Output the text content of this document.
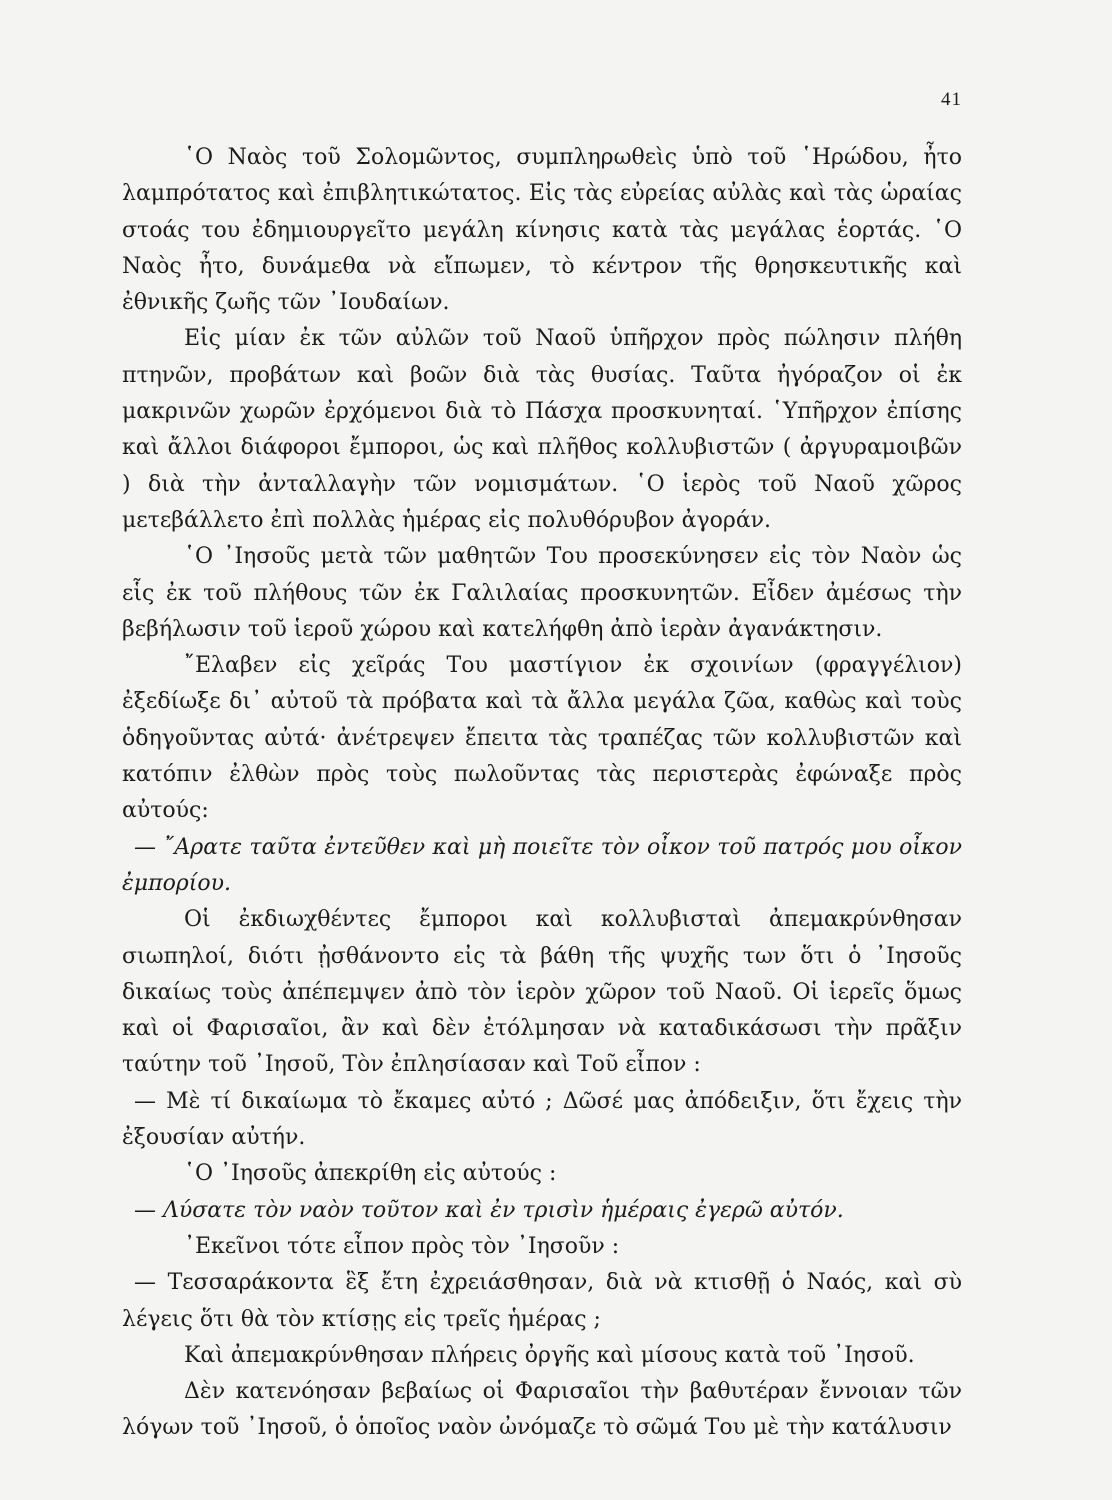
41

῾Ο Ναὸς τοῦ Σολομῶντος, συμπληρωθεὶς ὑπὸ τοῦ ῾Ηρώδου, ἦτο λαμπρότατος καὶ ἐπιβλητικώτατος. Εἰς τὰς εὐρείας αὐλὰς καὶ τὰς ὡραίας στοάς του ἐδημιουργεῖτο μεγάλη κίνησις κατὰ τὰς μεγάλας ἑορτάς. ῾Ο Ναὸς ἦτο, δυνάμεθα νὰ εἴπωμεν, τὸ κέντρον τῆς θρησκευτικῆς καὶ ἐθνικῆς ζωῆς τῶν ᾽Ιουδαίων.

Εἰς μίαν ἐκ τῶν αὐλῶν τοῦ Ναοῦ ὑπῆρχον πρὸς πώλησιν πλήθη πτηνῶν, προβάτων καὶ βοῶν διὰ τὰς θυσίας. Ταῦτα ἠγόραζον οἱ ἐκ μακρινῶν χωρῶν ἐρχόμενοι διὰ τὸ Πάσχα προσκυνηταί. ῾Υπῆρχον ἐπίσης καὶ ἄλλοι διάφοροι ἔμποροι, ὡς καὶ πλῆθος κολλυβιστῶν ( ἀργυραμοιβῶν ) διὰ τὴν ἀνταλλαγὴν τῶν νομισμάτων. ῾Ο ἱερὸς τοῦ Ναοῦ χῶρος μετεβάλλετο ἐπὶ πολλὰς ἡμέρας εἰς πολυθόρυβον ἀγοράν.

῾Ο ᾽Ιησοῦς μετὰ τῶν μαθητῶν Του προσεκύνησεν εἰς τὸν Ναὸν ὡς εἷς ἐκ τοῦ πλήθους τῶν ἐκ Γαλιλαίας προσκυνητῶν. Εἶδεν ἀμέσως τὴν βεβήλωσιν τοῦ ἱεροῦ χώρου καὶ κατελήφθη ἀπὸ ἱερὰν ἀγανάκτησιν.

῎Ελαβεν εἰς χεῖράς Του μαστίγιον ἐκ σχοινίων (φραγγέλιον) ἐξεδίωξε δι᾽ αὐτοῦ τὰ πρόβατα καὶ τὰ ἄλλα μεγάλα ζῶα, καθὼς καὶ τοὺς ὁδηγοῦντας αὐτά· ἀνέτρεψεν ἔπειτα τὰς τραπέζας τῶν κολλυβιστῶν καὶ κατόπιν ἐλθὼν πρὸς τοὺς πωλοῦντας τὰς περιστερὰς ἐφώναξε πρὸς αὐτούς:

— ῎Αρατε ταῦτα ἐντεῦθεν καὶ μὴ ποιεῖτε τὸν οἶκον τοῦ πατρός μου οἶκον ἐμπορίου.

Οἱ ἐκδιωχθέντες ἔμποροι καὶ κολλυβισταὶ ἀπεμακρύνθησαν σιωπηλοί, διότι ᾐσθάνοντο εἰς τὰ βάθη τῆς ψυχῆς των ὅτι ὁ ᾽Ιησοῦς δικαίως τοὺς ἀπέπεμψεν ἀπὸ τὸν ἱερὸν χῶρον τοῦ Ναοῦ. Οἱ ἱερεῖς ὅμως καὶ οἱ Φαρισαῖοι, ἂν καὶ δὲν ἐτόλμησαν νὰ καταδικάσωσι τὴν πρᾶξιν ταύτην τοῦ ᾽Ιησοῦ, Τὸν ἐπλησίασαν καὶ Τοῦ εἶπον :

— Μὲ τί δικαίωμα τὸ ἔκαμες αὐτό ; Δῶσέ μας ἀπόδειξιν, ὅτι ἔχεις τὴν ἐξουσίαν αὐτήν.

῾Ο ᾽Ιησοῦς ἀπεκρίθη εἰς αὐτούς :

— Λύσατε τὸν ναὸν τοῦτον καὶ ἐν τρισὶν ἡμέραις ἐγερῶ αὐτόν.

᾽Εκεῖνοι τότε εἶπον πρὸς τὸν ᾽Ιησοῦν :

— Τεσσαράκοντα ἓξ ἔτη ἐχρειάσθησαν, διὰ νὰ κτισθῇ ὁ Ναός, καὶ σὺ λέγεις ὅτι θὰ τὸν κτίσῃς εἰς τρεῖς ἡμέρας ;

Καὶ ἀπεμακρύνθησαν πλήρεις ὀργῆς καὶ μίσους κατὰ τοῦ ᾽Ιησοῦ.

Δὲν κατενόησαν βεβαίως οἱ Φαρισαῖοι τὴν βαθυτέραν ἔννοιαν τῶν λόγων τοῦ ᾽Ιησοῦ, ὁ ὁποῖος ναὸν ὠνόμαζε τὸ σῶμά Του μὲ τὴν κατάλυσιν
